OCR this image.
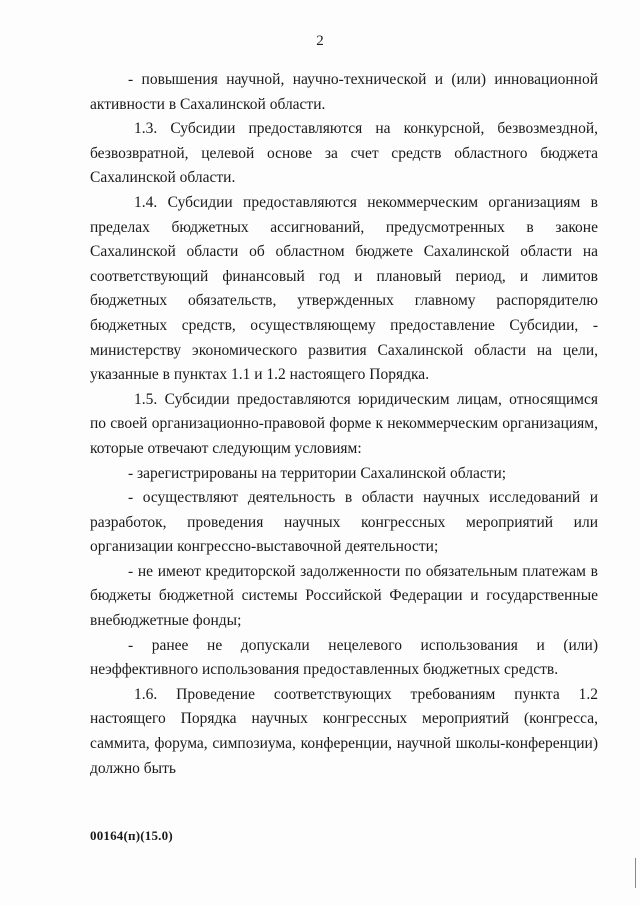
2

- повышения научной, научно-технической и (или) инновационной активности в Сахалинской области.

1.3. Субсидии предоставляются на конкурсной, безвозмездной, безвозвратной, целевой основе за счет средств областного бюджета Сахалинской области.

1.4. Субсидии предоставляются некоммерческим организациям в пределах бюджетных ассигнований, предусмотренных в законе Сахалинской области об областном бюджете Сахалинской области на соответствующий финансовый год и плановый период, и лимитов бюджетных обязательств, утвержденных главному распорядителю бюджетных средств, осуществляющему предоставление Субсидии, - министерству экономического развития Сахалинской области на цели, указанные в пунктах 1.1 и 1.2 настоящего Порядка.

1.5. Субсидии предоставляются юридическим лицам, относящимся по своей организационно-правовой форме к некоммерческим организациям, которые отвечают следующим условиям:

- зарегистрированы на территории Сахалинской области;

- осуществляют деятельность в области научных исследований и разработок, проведения научных конгрессных мероприятий или организации конгрессно-выставочной деятельности;

- не имеют кредиторской задолженности по обязательным платежам в бюджеты бюджетной системы Российской Федерации и государственные внебюджетные фонды;

- ранее не допускали нецелевого использования и (или) неэффективного использования предоставленных бюджетных средств.

1.6. Проведение соответствующих требованиям пункта 1.2 настоящего Порядка научных конгрессных мероприятий (конгресса, саммита, форума, симпозиума, конференции, научной школы-конференции) должно быть

00164(п)(15.0)
